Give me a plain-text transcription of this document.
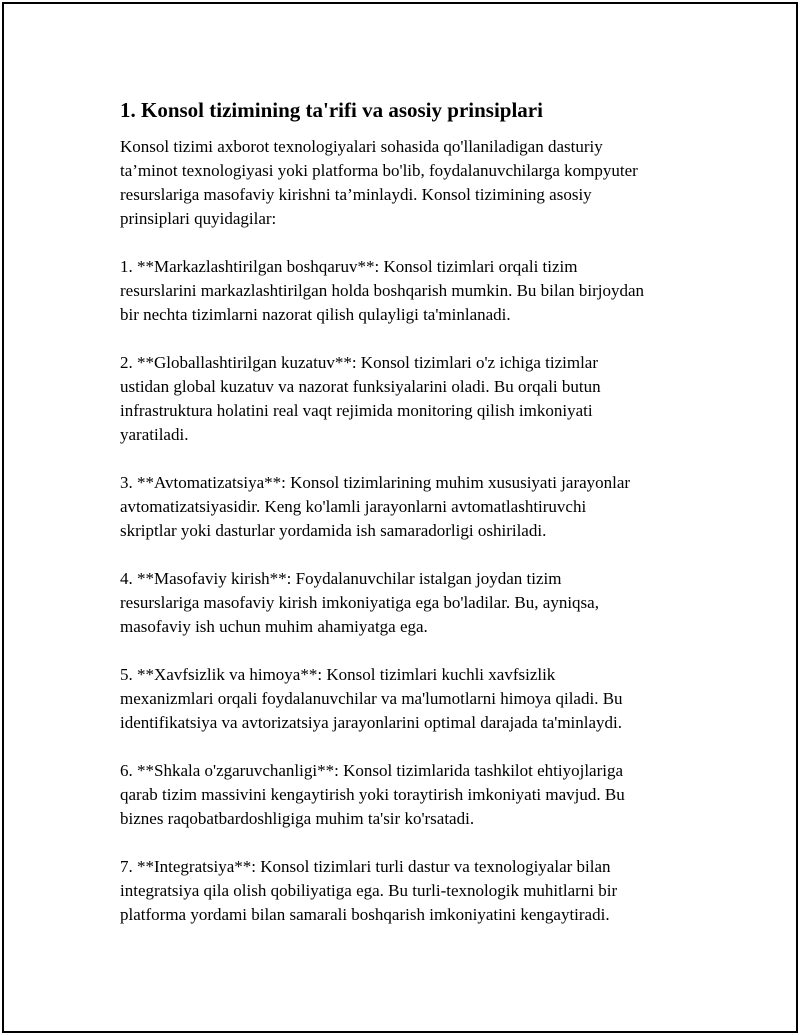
1. Konsol tizimining ta'rifi va asosiy prinsiplari

Konsol tizimi axborot texnologiyalari sohasida qo'llaniladigan dasturiy
ta’minot texnologiyasi yoki platforma bo'lib, foydalanuvchilarga kompyuter
resurslariga masofaviy kirishni ta’minlaydi. Konsol tizimining asosiy
prinsiplari quyidagilar:

1. **Markazlashtirilgan boshqaruv**: Konsol tizimlari orqali tizim
resurslarini markazlashtirilgan holda boshqarish mumkin. Bu bilan birjoydan
bir nechta tizimlarni nazorat qilish qulayligi ta'minlanadi.

2. **Globallashtirilgan kuzatuv**: Konsol tizimlari o'z ichiga tizimlar
ustidan global kuzatuv va nazorat funksiyalarini oladi. Bu orqali butun
infrastruktura holatini real vaqt rejimida monitoring qilish imkoniyati
yaratiladi.

3. **Avtomatizatsiya**: Konsol tizimlarining muhim xususiyati jarayonlar
avtomatizatsiyasidir. Keng ko'lamli jarayonlarni avtomatlashtiruvchi
skriptlar yoki dasturlar yordamida ish samaradorligi oshiriladi.

4. **Masofaviy kirish**: Foydalanuvchilar istalgan joydan tizim
resurslariga masofaviy kirish imkoniyatiga ega bo'ladilar. Bu, ayniqsa,
masofaviy ish uchun muhim ahamiyatga ega.

5. **Xavfsizlik va himoya**: Konsol tizimlari kuchli xavfsizlik
mexanizmlari orqali foydalanuvchilar va ma'lumotlarni himoya qiladi. Bu
identifikatsiya va avtorizatsiya jarayonlarini optimal darajada ta'minlaydi.

6. **Shkala o'zgaruvchanligi**: Konsol tizimlarida tashkilot ehtiyojlariga
qarab tizim massivini kengaytirish yoki toraytirish imkoniyati mavjud. Bu
biznes raqobatbardoshligiga muhim ta'sir ko'rsatadi.

7. **Integratsiya**: Konsol tizimlari turli dastur va texnologiyalar bilan
integratsiya qila olish qobiliyatiga ega. Bu turli-texnologik muhitlarni bir
platforma yordami bilan samarali boshqarish imkoniyatini kengaytiradi.
